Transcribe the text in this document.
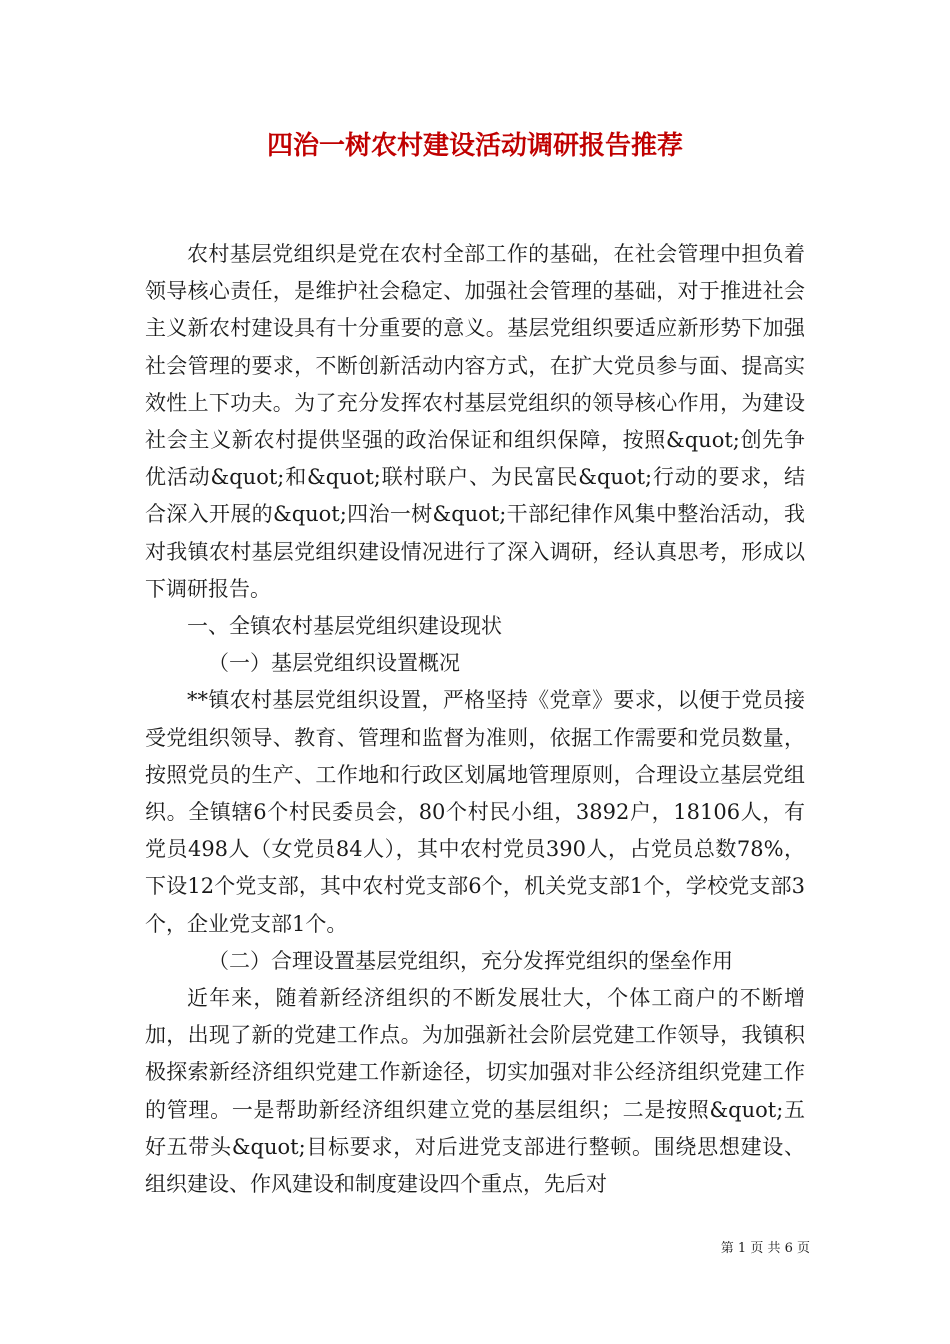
四治一树农村建设活动调研报告推荐

农村基层党组织是党在农村全部工作的基础，在社会管理中担负着领导核心责任，是维护社会稳定、加强社会管理的基础，对于推进社会主义新农村建设具有十分重要的意义。基层党组织要适应新形势下加强社会管理的要求，不断创新活动内容方式，在扩大党员参与面、提高实效性上下功夫。为了充分发挥农村基层党组织的领导核心作用，为建设社会主义新农村提供坚强的政治保证和组织保障，按照&quot;创先争优活动&quot;和&quot;联村联户、为民富民&quot;行动的要求，结合深入开展的&quot;四治一树&quot;干部纪律作风集中整治活动，我对我镇农村基层党组织建设情况进行了深入调研，经认真思考，形成以下调研报告。

一、全镇农村基层党组织建设现状

（一）基层党组织设置概况

**镇农村基层党组织设置，严格坚持《党章》要求，以便于党员接受党组织领导、教育、管理和监督为准则，依据工作需要和党员数量，按照党员的生产、工作地和行政区划属地管理原则，合理设立基层党组织。全镇辖6个村民委员会，80个村民小组，3892户，18106人，有党员498人（女党员84人），其中农村党员390人，占党员总数78%，下设12个党支部，其中农村党支部6个，机关党支部1个，学校党支部3个，企业党支部1个。

（二）合理设置基层党组织，充分发挥党组织的堡垒作用

近年来，随着新经济组织的不断发展壮大，个体工商户的不断增加，出现了新的党建工作点。为加强新社会阶层党建工作领导，我镇积极探索新经济组织党建工作新途径，切实加强对非公经济组织党建工作的管理。一是帮助新经济组织建立党的基层组织；二是按照&quot;五好五带头&quot;目标要求，对后进党支部进行整顿。围绕思想建设、组织建设、作风建设和制度建设四个重点，先后对

第 1 页 共 6 页
